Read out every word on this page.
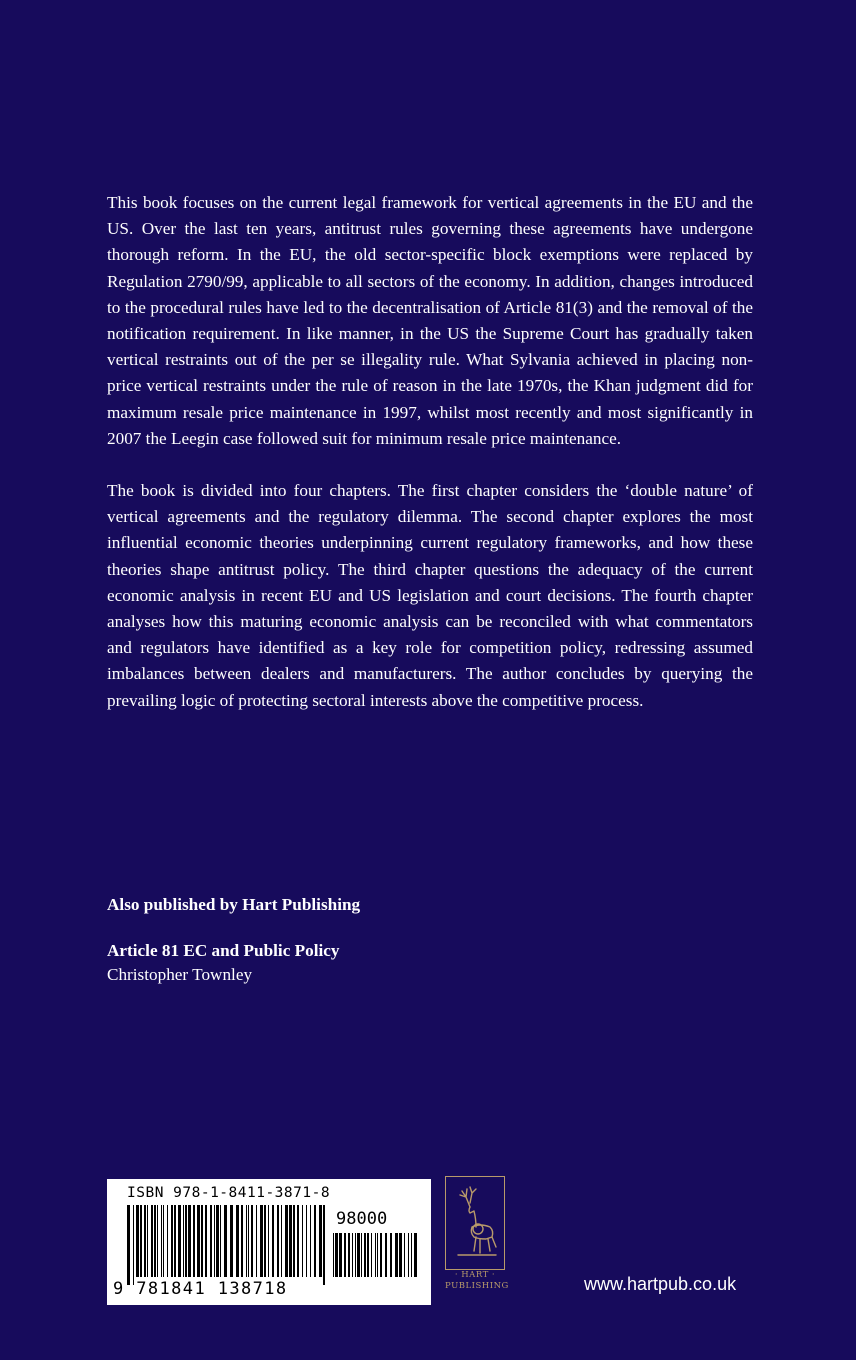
This book focuses on the current legal framework for vertical agreements in the EU and the US. Over the last ten years, antitrust rules governing these agreements have undergone thorough reform. In the EU, the old sector-specific block exemptions were replaced by Regulation 2790/99, applicable to all sectors of the economy. In addition, changes introduced to the procedural rules have led to the decentralisation of Article 81(3) and the removal of the notification requirement. In like manner, in the US the Supreme Court has gradually taken vertical restraints out of the per se illegality rule. What Sylvania achieved in placing non-price vertical restraints under the rule of reason in the late 1970s, the Khan judgment did for maximum resale price maintenance in 1997, whilst most recently and most significantly in 2007 the Leegin case followed suit for minimum resale price maintenance.

The book is divided into four chapters. The first chapter considers the ‘double nature’ of vertical agreements and the regulatory dilemma. The second chapter explores the most influential economic theories underpinning current regulatory frameworks, and how these theories shape antitrust policy. The third chapter questions the adequacy of the current economic analysis in recent EU and US legislation and court decisions. The fourth chapter analyses how this maturing economic analysis can be reconciled with what commentators and regulators have identified as a key role for competition policy, redressing assumed imbalances between dealers and manufacturers. The author concludes by querying the prevailing logic of protecting sectoral interests above the competitive process.

Also published by Hart Publishing

Article 81 EC and Public Policy

Christopher Townley

ISBN 978-1-8411-3871-8
98000
9 781841 138718
· HART ·
PUBLISHING	www.hartpub.co.uk
